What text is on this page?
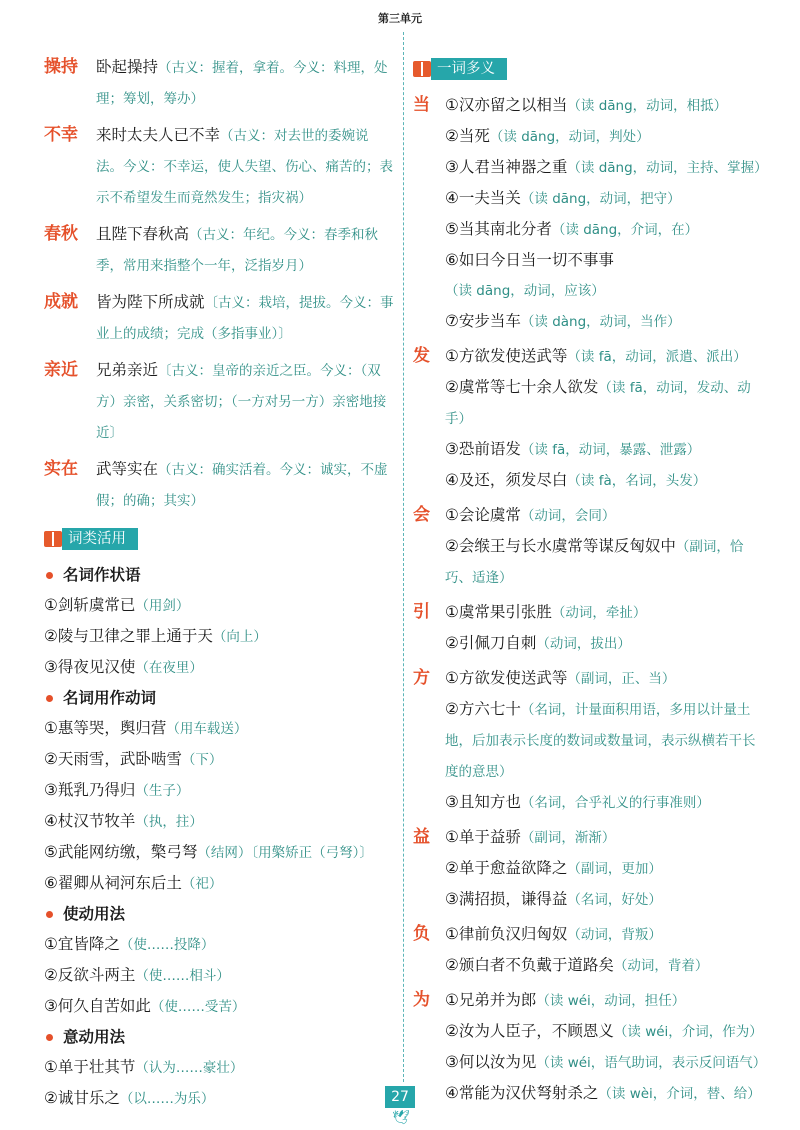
第三单元
操持	卧起操持（古义：握着，拿着。今义：料理，处理；筹划，筹办）
不幸	来时太夫人已不幸（古义：对去世的委婉说法。今义：不幸运，使人失望、伤心、痛苦的；表示不希望发生而竟然发生；指灾祸）
春秋	且陛下春秋高（古义：年纪。今义：春季和秋季，常用来指整个一年，泛指岁月）
成就	皆为陛下所成就〔古义：栽培，提拔。今义：事业上的成绩；完成（多指事业）〕
亲近	兄弟亲近〔古义：皇帝的亲近之臣。今义：（双方）亲密，关系密切；（一方对另一方）亲密地接近〕
实在	武等实在（古义：确实活着。今义：诚实，不虚假；的确；其实）
词类活用
名词作状语
①剑斩虞常已（用剑）
②陵与卫律之罪上通于天（向上）
③得夜见汉使（在夜里）
名词用作动词
①惠等哭，舆归营（用车载送）
②天雨雪，武卧啮雪（下）
③羝乳乃得归（生子）
④杖汉节牧羊（执，拄）
⑤武能网纺缴，檠弓弩（结网）〔用檠矫正（弓弩）〕
⑥翟卿从祠河东后土（祀）
使动用法
①宜皆降之（使……投降）
②反欲斗两主（使……相斗）
③何久自苦如此（使……受苦）
意动用法
①单于壮其节（认为……豪壮）
②诚甘乐之（以……为乐）
一词多义
当 ①汉亦留之以相当（读 dāng，动词，相抵）
②当死（读 dāng，动词，判处）
③人君当神器之重（读 dāng，动词，主持、掌握）
④一夫当关（读 dāng，动词，把守）
⑤当其南北分者（读 dāng，介词，在）
⑥如曰今日当一切不事事（读 dāng，动词，应该）
⑦安步当车（读 dàng，动词，当作）
发 ①方欲发使送武等（读 fā，动词，派遣、派出）
②虞常等七十余人欲发（读 fā，动词，发动、动手）
③恐前语发（读 fā，动词，暴露、泄露）
④及还，须发尽白（读 fà，名词，头发）
会 ①会论虞常（动词，会同）
②会缑王与长水虞常等谋反匈奴中（副词，恰巧、适逢）
引 ①虞常果引张胜（动词，牵扯）
②引佩刀自刺（动词，拔出）
方 ①方欲发使送武等（副词，正、当）
②方六七十（名词，计量面积用语，多用以计量土地，后加表示长度的数词或数量词，表示纵横若干长度的意思）
③且知方也（名词，合乎礼义的行事准则）
益 ①单于益骄（副词，渐渐）
②单于愈益欲降之（副词，更加）
③满招损，谦得益（名词，好处）
负 ①律前负汉归匈奴（动词，背叛）
②颁白者不负戴于道路矣（动词，背着）
为 ①兄弟并为郎（读 wéi，动词，担任）
②汝为人臣子，不顾恩义（读 wéi，介词，作为）
③何以汝为见（读 wéi，语气助词，表示反问语气）
④常能为汉伏弩射杀之（读 wèi，介词，替、给）
27
🕊
